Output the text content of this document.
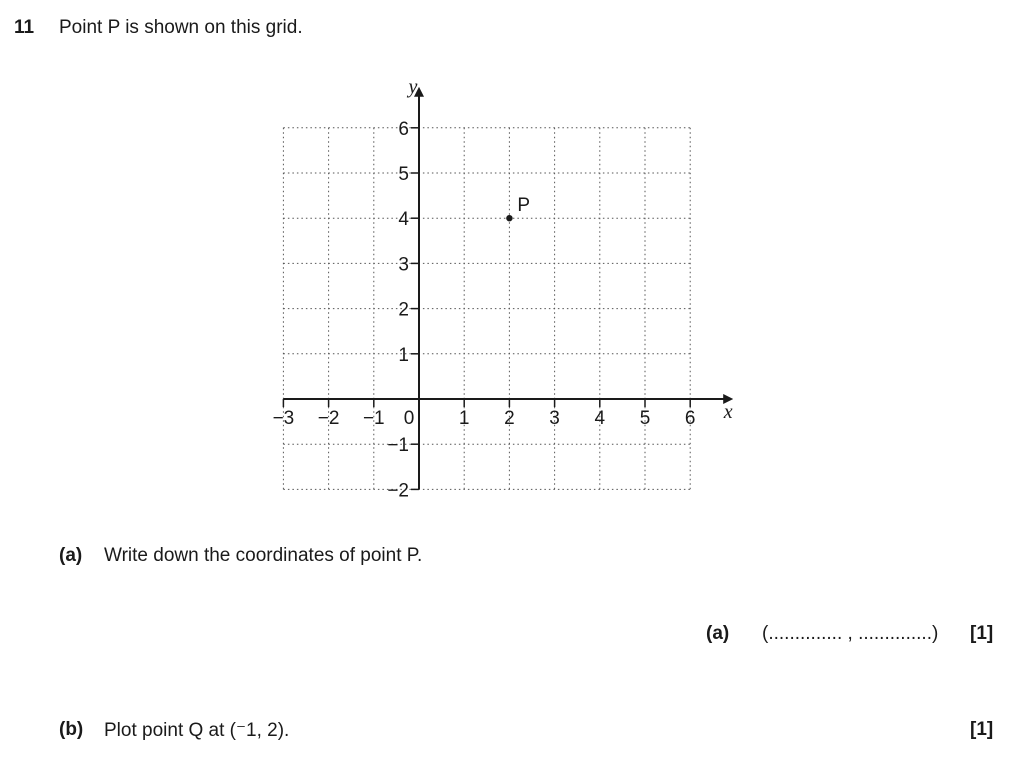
11 Point P is shown on this grid.
−3 −2 −1	1 2 3 4 5 6
6
5
4
3
2
1
−1
−2
0	x
y
P
(a) Write down the coordinates of point P.
(a) (.............. , ..............) [1]
(b) Plot point Q at (⁻1, 2).	[1]
